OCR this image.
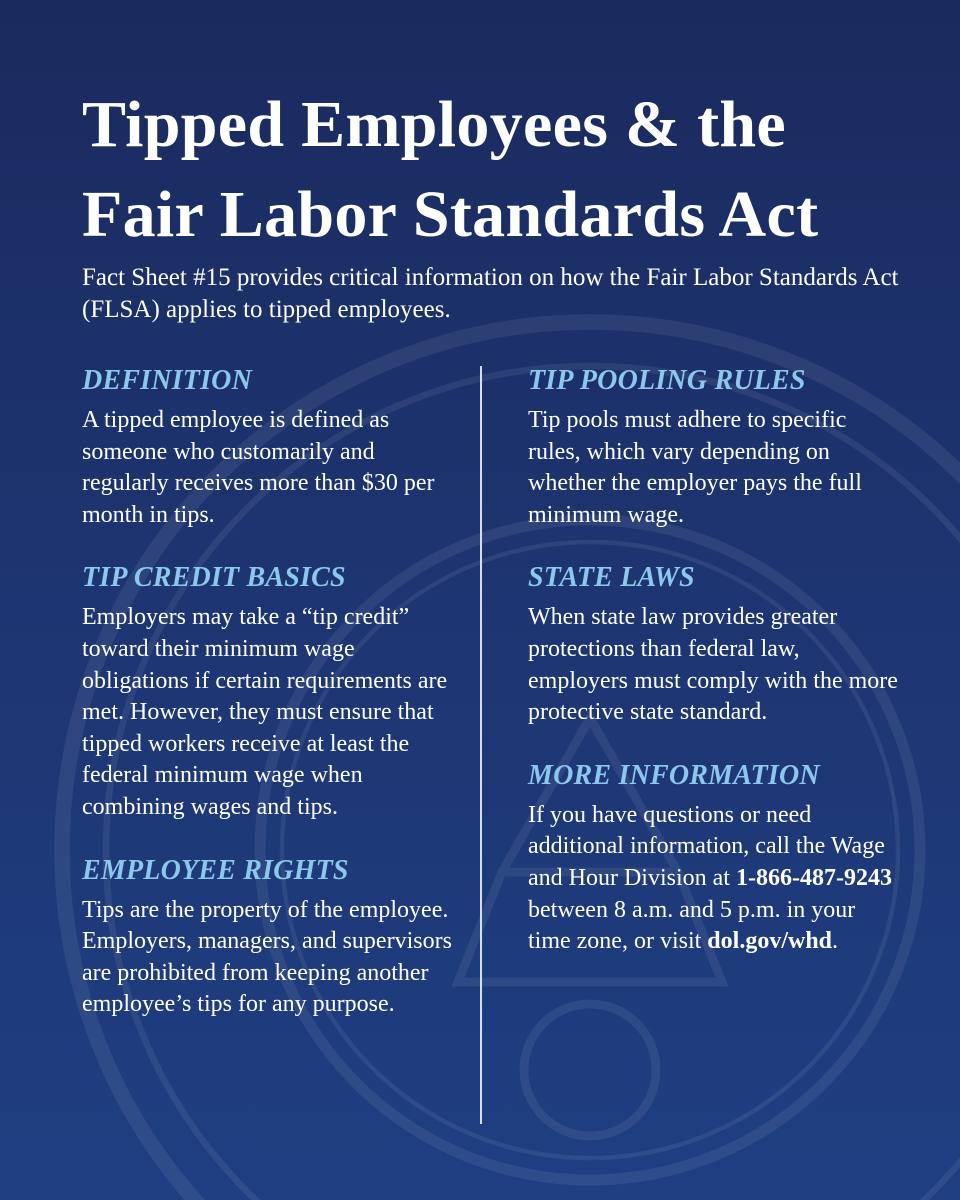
Tipped Employees & the Fair Labor Standards Act

Fact Sheet #15 provides critical information on how the Fair Labor Standards Act (FLSA) applies to tipped employees.

DEFINITION

A tipped employee is defined as someone who customarily and regularly receives more than $30 per month in tips.

TIP CREDIT BASICS

Employers may take a “tip credit” toward their minimum wage obligations if certain requirements are met. However, they must ensure that tipped workers receive at least the federal minimum wage when combining wages and tips.

EMPLOYEE RIGHTS

Tips are the property of the employee. Employers, managers, and supervisors are prohibited from keeping another employee’s tips for any purpose.

TIP POOLING RULES

Tip pools must adhere to specific rules, which vary depending on whether the employer pays the full minimum wage.

STATE LAWS

When state law provides greater protections than federal law, employers must comply with the more protective state standard.

MORE INFORMATION

If you have questions or need additional information, call the Wage and Hour Division at 1-866-487-9243 between 8 a.m. and 5 p.m. in your time zone, or visit dol.gov/whd.
